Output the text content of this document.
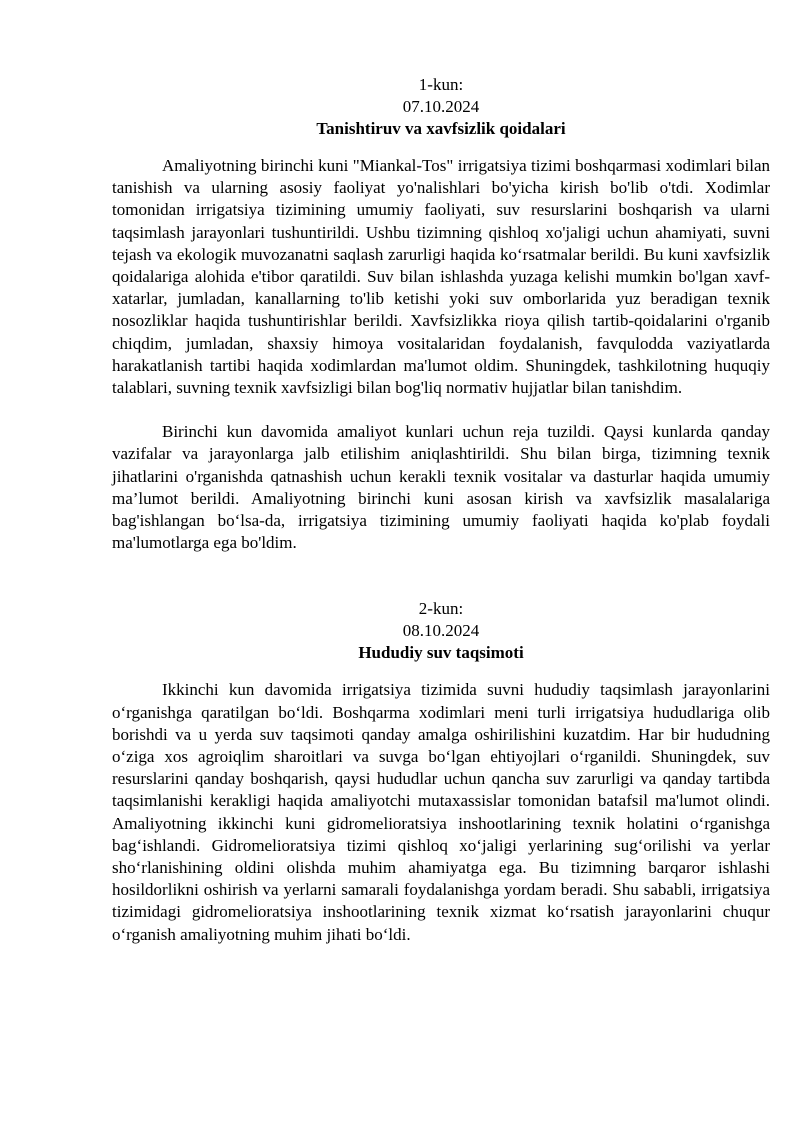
1-kun:
07.10.2024
Tanishtiruv va xavfsizlik qoidalari

Amaliyotning birinchi kuni "Miankal-Tos" irrigatsiya tizimi boshqarmasi xodimlari bilan tanishish va ularning asosiy faoliyat yo'nalishlari bo'yicha kirish bo'lib o'tdi. Xodimlar tomonidan irrigatsiya tizimining umumiy faoliyati, suv resurslarini boshqarish va ularni taqsimlash jarayonlari tushuntirildi. Ushbu tizimning qishloq xo'jaligi uchun ahamiyati, suvni tejash va ekologik muvozanatni saqlash zarurligi haqida ko‘rsatmalar berildi. Bu kuni xavfsizlik qoidalariga alohida e'tibor qaratildi. Suv bilan ishlashda yuzaga kelishi mumkin bo'lgan xavf-xatarlar, jumladan, kanallarning to'lib ketishi yoki suv omborlarida yuz beradigan texnik nosozliklar haqida tushuntirishlar berildi. Xavfsizlikka rioya qilish tartib-qoidalarini o'rganib chiqdim, jumladan, shaxsiy himoya vositalaridan foydalanish, favqulodda vaziyatlarda harakatlanish tartibi haqida xodimlardan ma'lumot oldim. Shuningdek, tashkilotning huquqiy talablari, suvning texnik xavfsizligi bilan bog'liq normativ hujjatlar bilan tanishdim.

Birinchi kun davomida amaliyot kunlari uchun reja tuzildi. Qaysi kunlarda qanday vazifalar va jarayonlarga jalb etilishim aniqlashtirildi. Shu bilan birga, tizimning texnik jihatlarini o'rganishda qatnashish uchun kerakli texnik vositalar va dasturlar haqida umumiy ma’lumot berildi. Amaliyotning birinchi kuni asosan kirish va xavfsizlik masalalariga bag'ishlangan bo‘lsa-da, irrigatsiya tizimining umumiy faoliyati haqida ko'plab foydali ma'lumotlarga ega bo'ldim.

2-kun:
08.10.2024
Hududiy suv taqsimoti

Ikkinchi kun davomida irrigatsiya tizimida suvni hududiy taqsimlash jarayonlarini o‘rganishga qaratilgan bo‘ldi. Boshqarma xodimlari meni turli irrigatsiya hududlariga olib borishdi va u yerda suv taqsimoti qanday amalga oshirilishini kuzatdim. Har bir hududning o‘ziga xos agroiqlim sharoitlari va suvga bo‘lgan ehtiyojlari o‘rganildi. Shuningdek, suv resurslarini qanday boshqarish, qaysi hududlar uchun qancha suv zarurligi va qanday tartibda taqsimlanishi kerakligi haqida amaliyotchi mutaxassislar tomonidan batafsil ma'lumot olindi. Amaliyotning ikkinchi kuni gidromelioratsiya inshootlarining texnik holatini o‘rganishga bag‘ishlandi. Gidromelioratsiya tizimi qishloq xo‘jaligi yerlarining sug‘orilishi va yerlar sho‘rlanishining oldini olishda muhim ahamiyatga ega. Bu tizimning barqaror ishlashi hosildorlikni oshirish va yerlarni samarali foydalanishga yordam beradi. Shu sababli, irrigatsiya tizimidagi gidromelioratsiya inshootlarining texnik xizmat ko‘rsatish jarayonlarini chuqur o‘rganish amaliyotning muhim jihati bo‘ldi.
